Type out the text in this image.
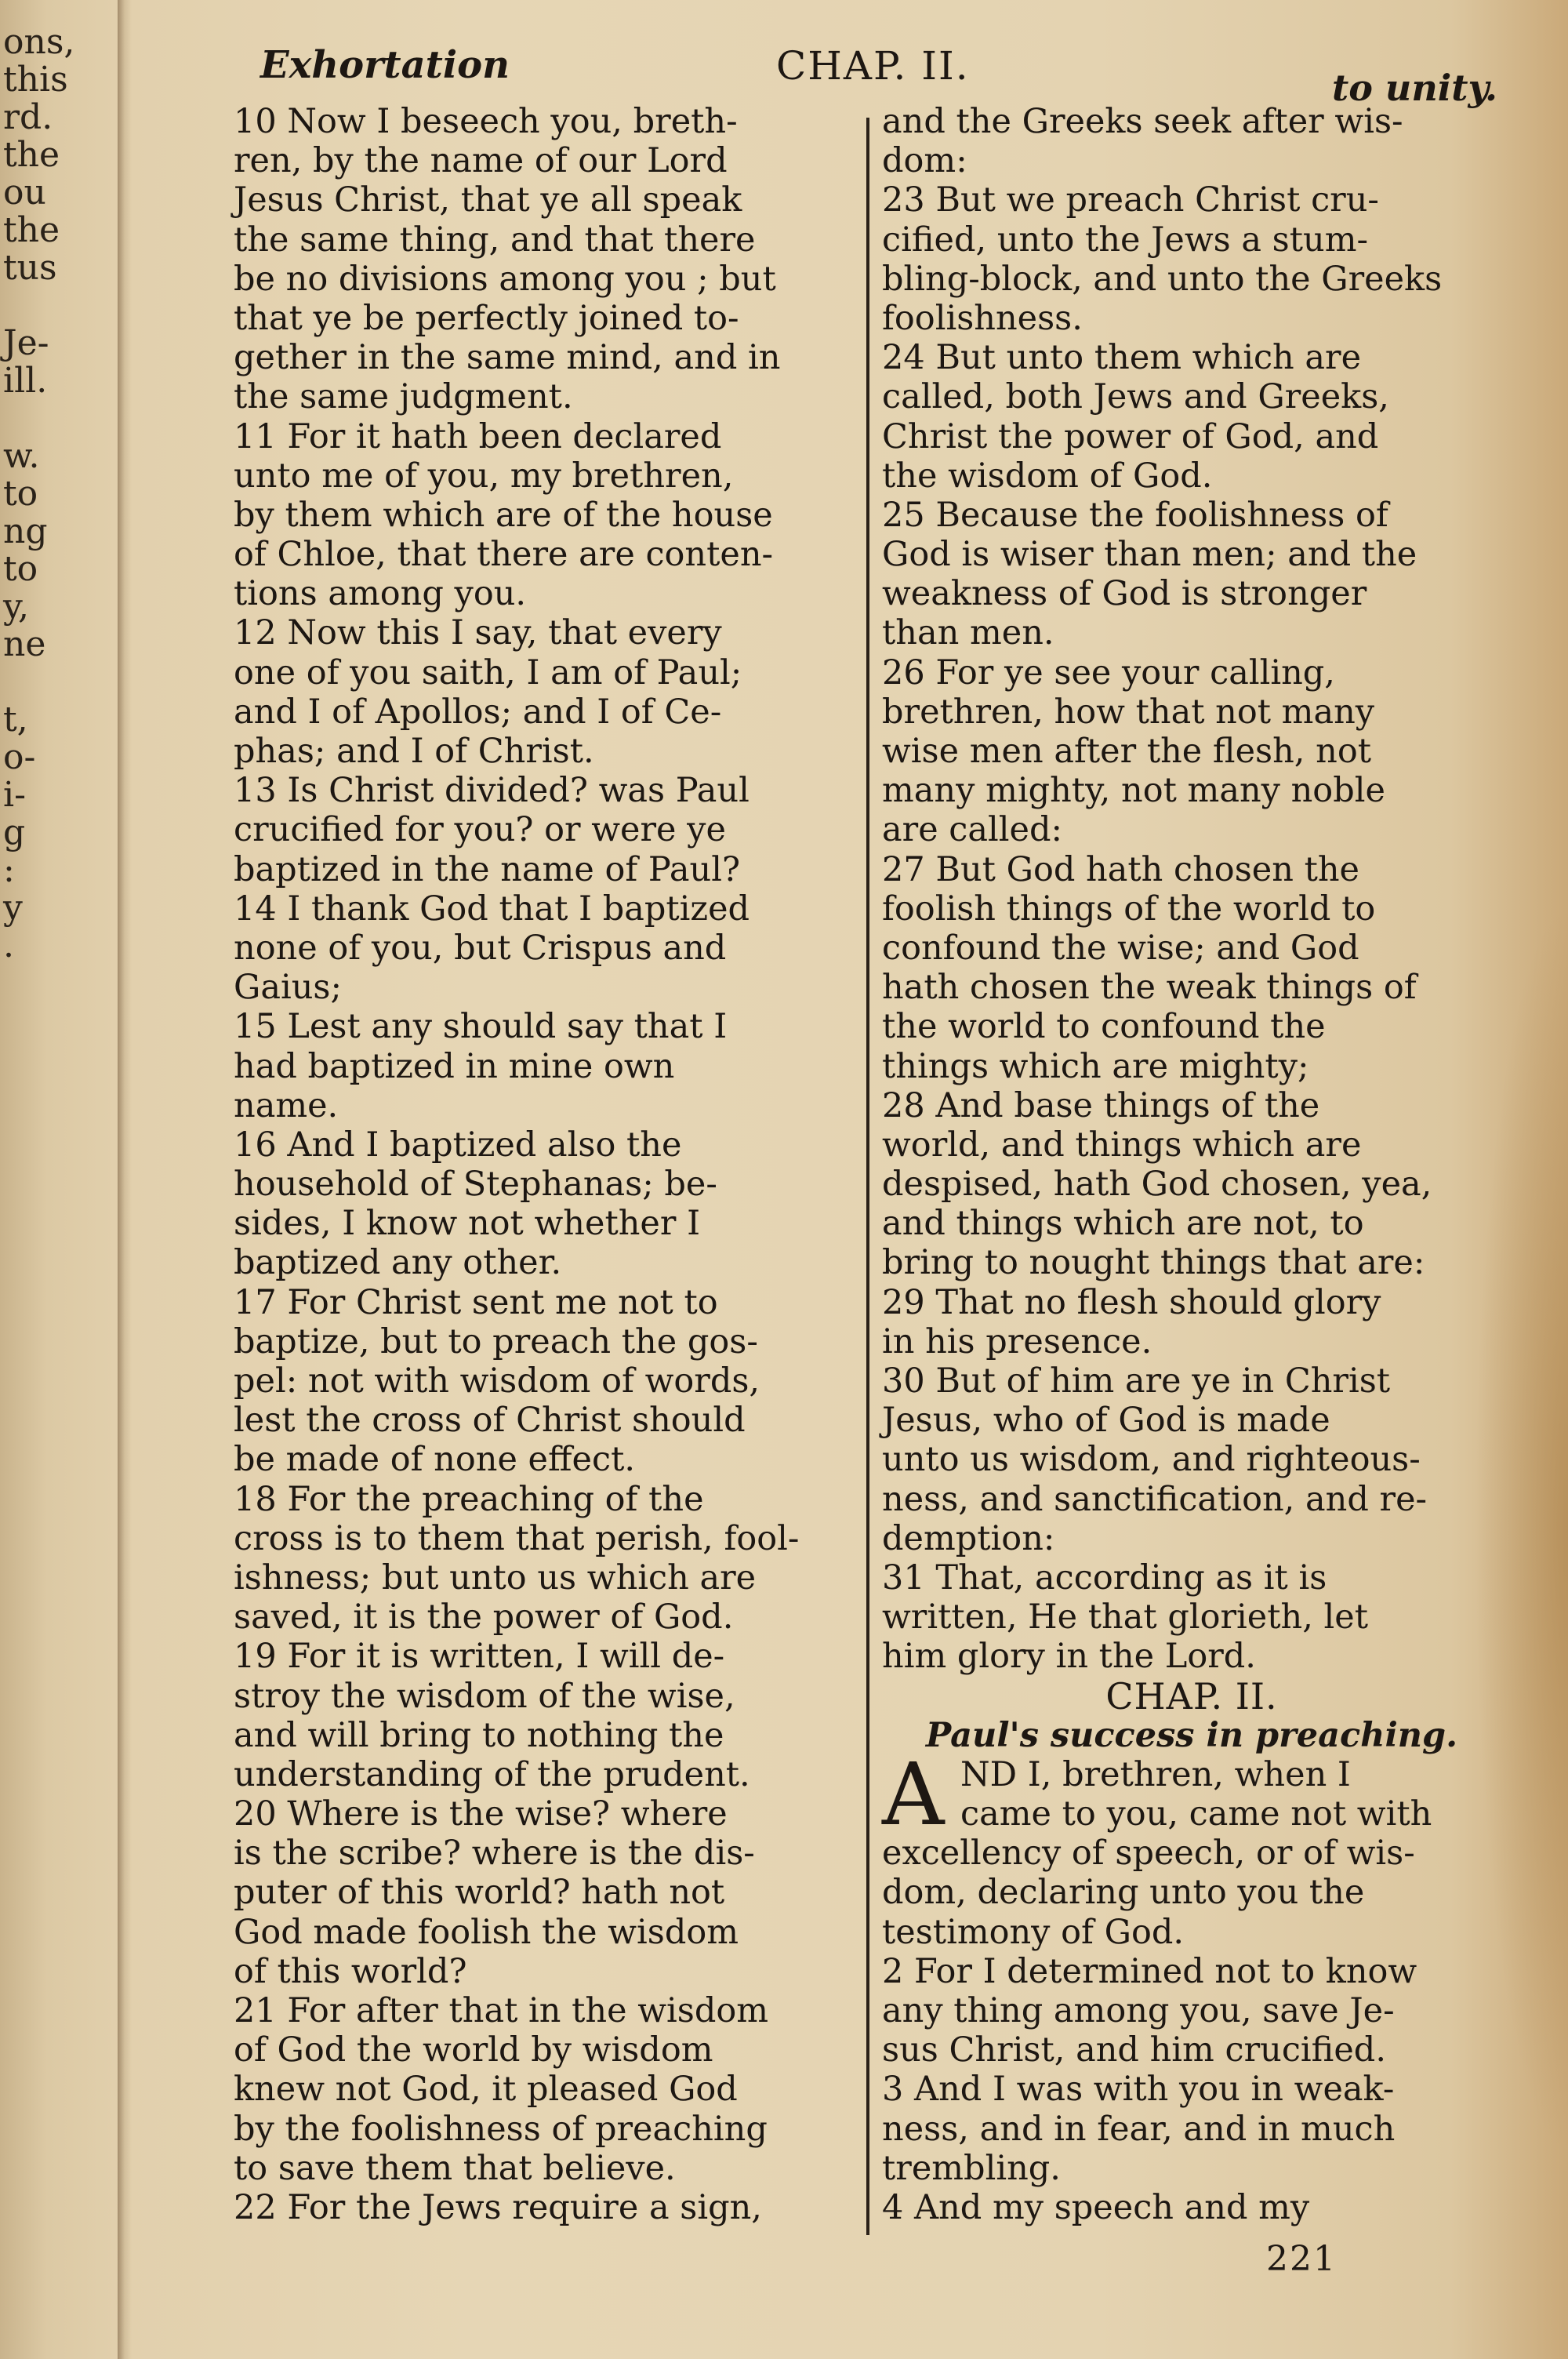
ons,
this
rd.
the
ou
the
tus
Je-
ill.
w.
to
ng
to
y,
ne
t,
o-
i-
g
:
y
.
Exhortation	CHAP. II.	to unity.
10 Now I beseech you, breth-
ren, by the name of our Lord
Jesus Christ, that ye all speak
the same thing, and that there
be no divisions among you ; but
that ye be perfectly joined to-
gether in the same mind, and in
the same judgment.
11 For it hath been declared
unto me of you, my brethren,
by them which are of the house
of Chloe, that there are conten-
tions among you.
12 Now this I say, that every
one of you saith, I am of Paul;
and I of Apollos; and I of Ce-
phas; and I of Christ.
13 Is Christ divided? was Paul
crucified for you? or were ye
baptized in the name of Paul?
14 I thank God that I baptized
none of you, but Crispus and
Gaius;
15 Lest any should say that I
had baptized in mine own
name.
16 And I baptized also the
household of Stephanas; be-
sides, I know not whether I
baptized any other.
17 For Christ sent me not to
baptize, but to preach the gos-
pel: not with wisdom of words,
lest the cross of Christ should
be made of none effect.
18 For the preaching of the
cross is to them that perish, fool-
ishness; but unto us which are
saved, it is the power of God.
19 For it is written, I will de-
stroy the wisdom of the wise,
and will bring to nothing the
understanding of the prudent.
20 Where is the wise? where
is the scribe? where is the dis-
puter of this world? hath not
God made foolish the wisdom
of this world?
21 For after that in the wisdom
of God the world by wisdom
knew not God, it pleased God
by the foolishness of preaching
to save them that believe.
22 For the Jews require a sign,
and the Greeks seek after wis-
dom:
23 But we preach Christ cru-
cified, unto the Jews a stum-
bling-block, and unto the Greeks
foolishness.
24 But unto them which are
called, both Jews and Greeks,
Christ the power of God, and
the wisdom of God.
25 Because the foolishness of
God is wiser than men; and the
weakness of God is stronger
than men.
26 For ye see your calling,
brethren, how that not many
wise men after the flesh, not
many mighty, not many noble
are called:
27 But God hath chosen the
foolish things of the world to
confound the wise; and God
hath chosen the weak things of
the world to confound the
things which are mighty;
28 And base things of the
world, and things which are
despised, hath God chosen, yea,
and things which are not, to
bring to nought things that are:
29 That no flesh should glory
in his presence.
30 But of him are ye in Christ
Jesus, who of God is made
unto us wisdom, and righteous-
ness, and sanctification, and re-
demption:
31 That, according as it is
written, He that glorieth, let
him glory in the Lord.
CHAP. II.
Paul's success in preaching.
A ND I, brethren, when I
came to you, came not with
excellency of speech, or of wis-
dom, declaring unto you the
testimony of God.
2 For I determined not to know
any thing among you, save Je-
sus Christ, and him crucified.
3 And I was with you in weak-
ness, and in fear, and in much
trembling.
4 And my speech and my
221
